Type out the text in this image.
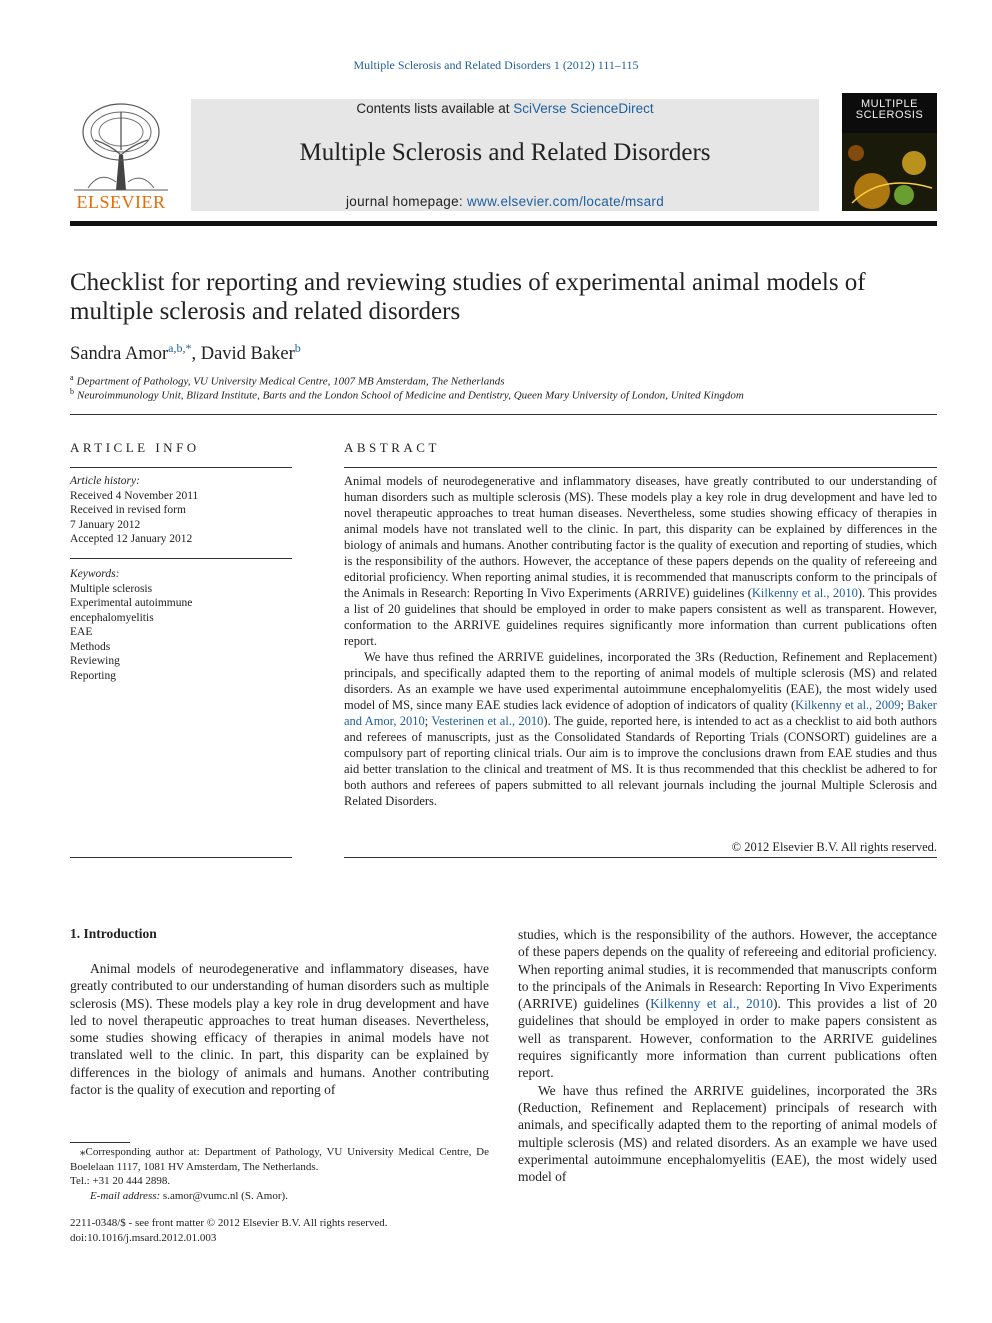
Multiple Sclerosis and Related Disorders 1 (2012) 111–115
ELSEVIER
Contents lists available at SciVerse ScienceDirect
Multiple Sclerosis and Related Disorders
journal homepage: www.elsevier.com/locate/msard
MULTIPLE
SCLEROSIS
Checklist for reporting and reviewing studies of experimental animal models of multiple sclerosis and related disorders
Sandra Amor$^{a,b,*}$, David Baker$^b$
$^a$ Department of Pathology, VU University Medical Centre, 1007 MB Amsterdam, The Netherlands
$^b$ Neuroimmunology Unit, Blizard Institute, Barts and the London School of Medicine and Dentistry, Queen Mary University of London, United Kingdom
ARTICLE INFO
Article history:
Received 4 November 2011
Received in revised form
7 January 2012
Accepted 12 January 2012
Keywords:
Multiple sclerosis
Experimental autoimmune
encephalomyelitis
EAE
Methods
Reviewing
Reporting
ABSTRACT

Animal models of neurodegenerative and inflammatory diseases, have greatly contributed to our understanding of human disorders such as multiple sclerosis (MS). These models play a key role in drug development and have led to novel therapeutic approaches to treat human diseases. Nevertheless, some studies showing efficacy of therapies in animal models have not translated well to the clinic. In part, this disparity can be explained by differences in the biology of animals and humans. Another contributing factor is the quality of execution and reporting of studies, which is the responsibility of the authors. However, the acceptance of these papers depends on the quality of refereeing and editorial proficiency. When reporting animal studies, it is recommended that manuscripts conform to the principals of the Animals in Research: Reporting In Vivo Experiments (ARRIVE) guidelines (Kilkenny et al., 2010). This provides a list of 20 guidelines that should be employed in order to make papers consistent as well as transparent. However, conformation to the ARRIVE guidelines requires significantly more information than current publications often report.

We have thus refined the ARRIVE guidelines, incorporated the 3Rs (Reduction, Refinement and Replacement) principals, and specifically adapted them to the reporting of animal models of multiple sclerosis (MS) and related disorders. As an example we have used experimental autoimmune encephalomyelitis (EAE), the most widely used model of MS, since many EAE studies lack evidence of adoption of indicators of quality (Kilkenny et al., 2009; Baker and Amor, 2010; Vesterinen et al., 2010). The guide, reported here, is intended to act as a checklist to aid both authors and referees of manuscripts, just as the Consolidated Standards of Reporting Trials (CONSORT) guidelines are a compulsory part of reporting clinical trials. Our aim is to improve the conclusions drawn from EAE studies and thus aid better translation to the clinical and treatment of MS. It is thus recommended that this checklist be adhered to for both authors and referees of papers submitted to all relevant journals including the journal Multiple Sclerosis and Related Disorders.

© 2012 Elsevier B.V. All rights reserved.
1. Introduction

Animal models of neurodegenerative and inflammatory diseases, have greatly contributed to our understanding of human disorders such as multiple sclerosis (MS). These models play a key role in drug development and have led to novel therapeutic approaches to treat human diseases. Nevertheless, some studies showing efficacy of therapies in animal models have not translated well to the clinic. In part, this disparity can be explained by differences in the biology of animals and humans. Another contributing factor is the quality of execution and reporting of

studies, which is the responsibility of the authors. However, the acceptance of these papers depends on the quality of refereeing and editorial proficiency. When reporting animal studies, it is recommended that manuscripts conform to the principals of the Animals in Research: Reporting In Vivo Experiments (ARRIVE) guidelines (Kilkenny et al., 2010). This provides a list of 20 guidelines that should be employed in order to make papers consistent as well as transparent. However, conformation to the ARRIVE guidelines requires significantly more information than current publications often report.

We have thus refined the ARRIVE guidelines, incorporated the 3Rs (Reduction, Refinement and Replacement) principals of research with animals, and specifically adapted them to the reporting of animal models of multiple sclerosis (MS) and related disorders. As an example we have used experimental autoimmune encephalomyelitis (EAE), the most widely used model of

⁎Corresponding author at: Department of Pathology, VU University Medical Centre, De Boelelaan 1117, 1081 HV Amsterdam, The Netherlands.
Tel.: +31 20 444 2898.
E-mail address: s.amor@vumc.nl (S. Amor).
2211-0348/$ - see front matter © 2012 Elsevier B.V. All rights reserved.
doi:10.1016/j.msard.2012.01.003
